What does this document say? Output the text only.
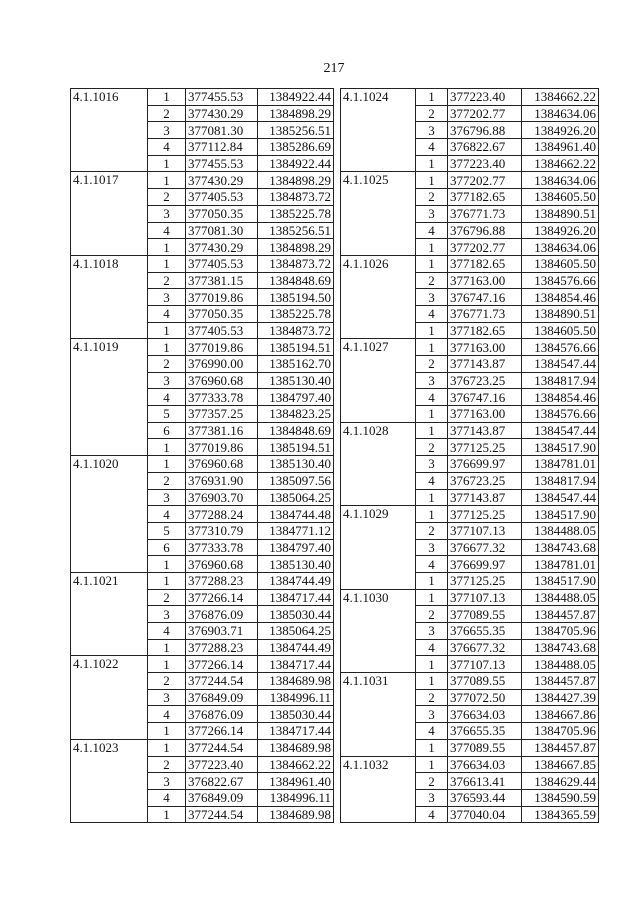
217
4.1.1016	1	377455.53	1384922.44
	2	377430.29	1384898.29
	3	377081.30	1385256.51
	4	377112.84	1385286.69
	1	377455.53	1384922.44
4.1.1017	1	377430.29	1384898.29
	2	377405.53	1384873.72
	3	377050.35	1385225.78
	4	377081.30	1385256.51
	1	377430.29	1384898.29
4.1.1018	1	377405.53	1384873.72
	2	377381.15	1384848.69
	3	377019.86	1385194.50
	4	377050.35	1385225.78
	1	377405.53	1384873.72
4.1.1019	1	377019.86	1385194.51
	2	376990.00	1385162.70
	3	376960.68	1385130.40
	4	377333.78	1384797.40
	5	377357.25	1384823.25
	6	377381.16	1384848.69
	1	377019.86	1385194.51
4.1.1020	1	376960.68	1385130.40
	2	376931.90	1385097.56
	3	376903.70	1385064.25
	4	377288.24	1384744.48
	5	377310.79	1384771.12
	6	377333.78	1384797.40
	1	376960.68	1385130.40
4.1.1021	1	377288.23	1384744.49
	2	377266.14	1384717.44
	3	376876.09	1385030.44
	4	376903.71	1385064.25
	1	377288.23	1384744.49
4.1.1022	1	377266.14	1384717.44
	2	377244.54	1384689.98
	3	376849.09	1384996.11
	4	376876.09	1385030.44
	1	377266.14	1384717.44
4.1.1023	1	377244.54	1384689.98
	2	377223.40	1384662.22
	3	376822.67	1384961.40
	4	376849.09	1384996.11
	1	377244.54	1384689.98
4.1.1024	1	377223.40	1384662.22
	2	377202.77	1384634.06
	3	376796.88	1384926.20
	4	376822.67	1384961.40
	1	377223.40	1384662.22
4.1.1025	1	377202.77	1384634.06
	2	377182.65	1384605.50
	3	376771.73	1384890.51
	4	376796.88	1384926.20
	1	377202.77	1384634.06
4.1.1026	1	377182.65	1384605.50
	2	377163.00	1384576.66
	3	376747.16	1384854.46
	4	376771.73	1384890.51
	1	377182.65	1384605.50
4.1.1027	1	377163.00	1384576.66
	2	377143.87	1384547.44
	3	376723.25	1384817.94
	4	376747.16	1384854.46
	1	377163.00	1384576.66
4.1.1028	1	377143.87	1384547.44
	2	377125.25	1384517.90
	3	376699.97	1384781.01
	4	376723.25	1384817.94
	1	377143.87	1384547.44
4.1.1029	1	377125.25	1384517.90
	2	377107.13	1384488.05
	3	376677.32	1384743.68
	4	376699.97	1384781.01
	1	377125.25	1384517.90
4.1.1030	1	377107.13	1384488.05
	2	377089.55	1384457.87
	3	376655.35	1384705.96
	4	376677.32	1384743.68
	1	377107.13	1384488.05
4.1.1031	1	377089.55	1384457.87
	2	377072.50	1384427.39
	3	376634.03	1384667.86
	4	376655.35	1384705.96
	1	377089.55	1384457.87
4.1.1032	1	376634.03	1384667.85
	2	376613.41	1384629.44
	3	376593.44	1384590.59
	4	377040.04	1384365.59
